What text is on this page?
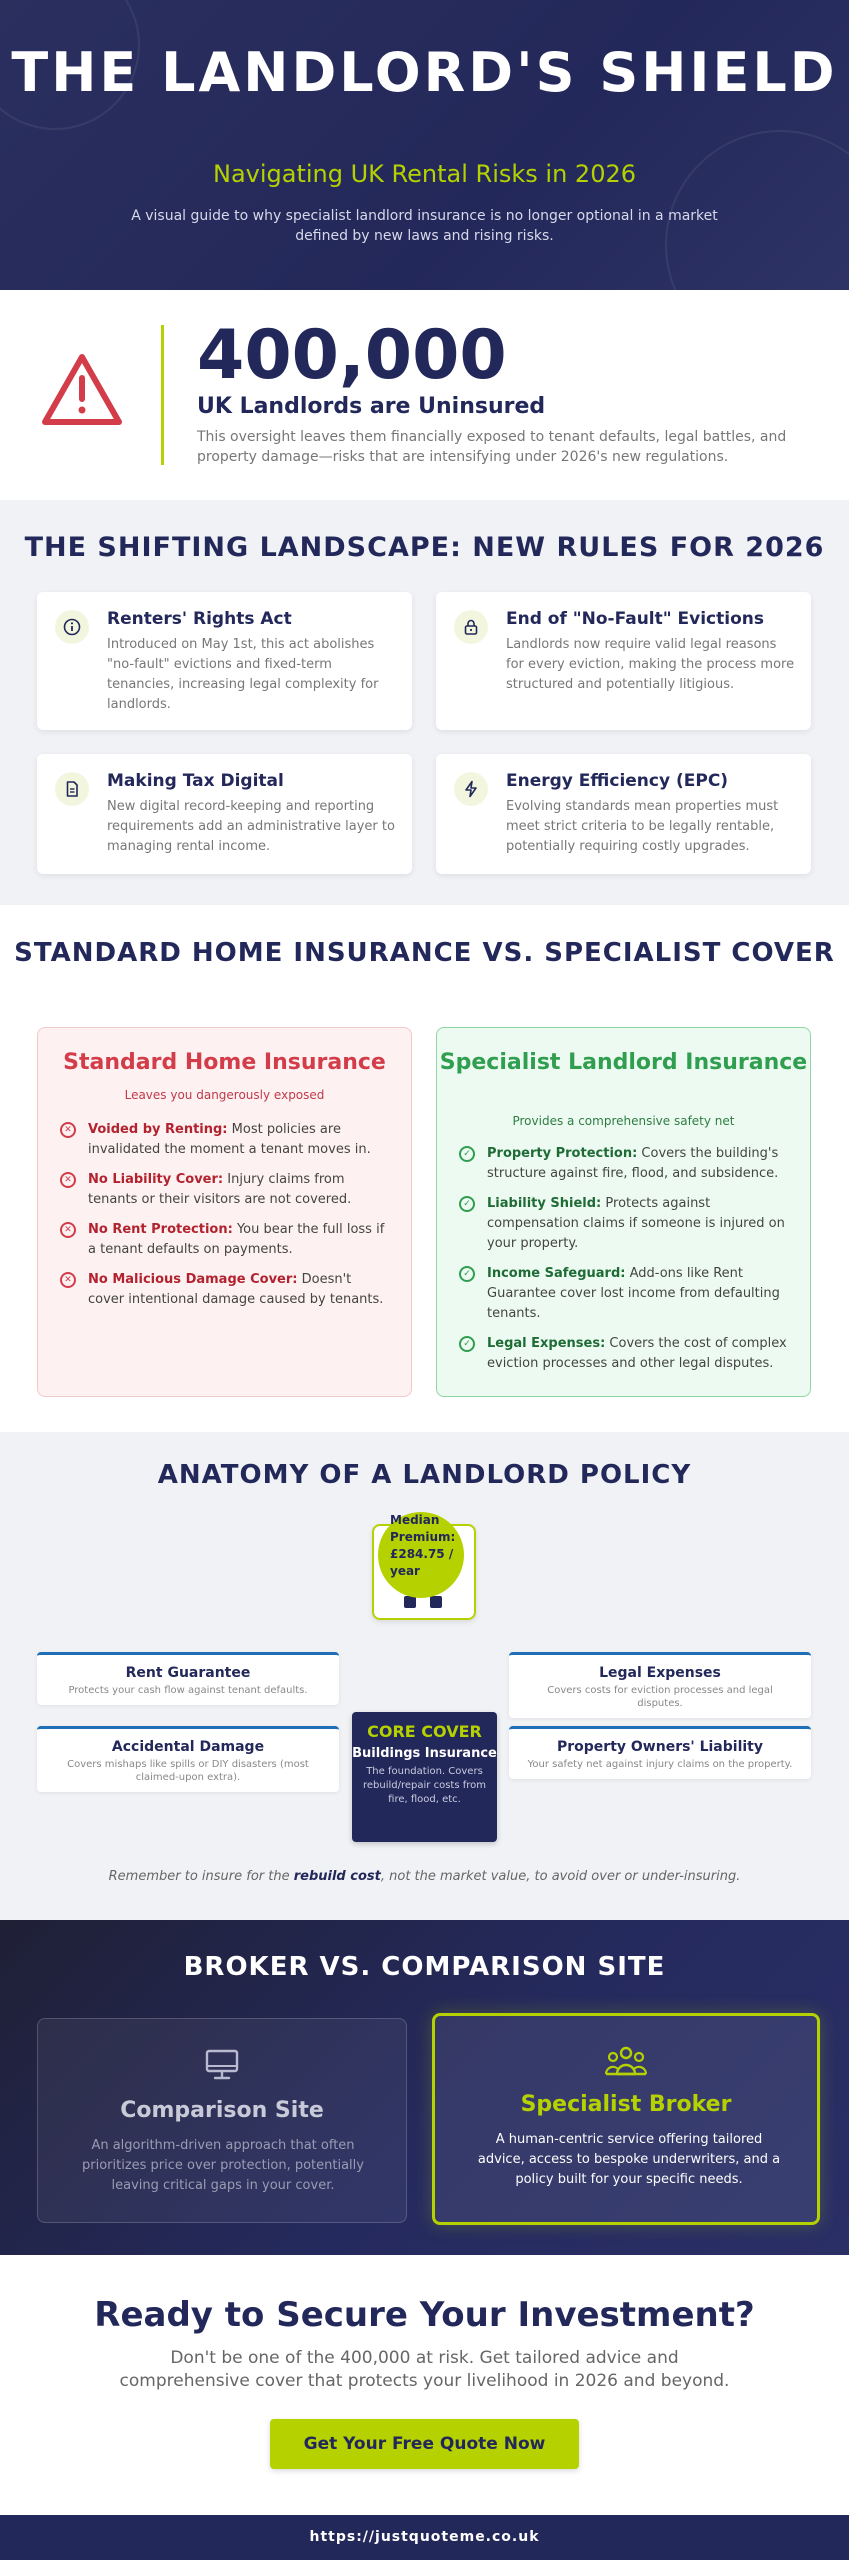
THE LANDLORD'S SHIELD
Navigating UK Rental Risks in 2026
A visual guide to why specialist landlord insurance is no longer optional in a market defined by new laws and rising risks.
400,000
UK Landlords are Uninsured
This oversight leaves them financially exposed to tenant defaults, legal battles, and property damage—risks that are intensifying under 2026's new regulations.
THE SHIFTING LANDSCAPE: NEW RULES FOR 2026
Renters' Rights Act

Introduced on May 1st, this act abolishes "no-fault" evictions and fixed-term tenancies, increasing legal complexity for landlords.

End of "No-Fault" Evictions

Landlords now require valid legal reasons for every eviction, making the process more structured and potentially litigious.

Making Tax Digital

New digital record-keeping and reporting requirements add an administrative layer to managing rental income.

Energy Efficiency (EPC)

Evolving standards mean properties must meet strict criteria to be legally rentable, potentially requiring costly upgrades.

STANDARD HOME INSURANCE VS. SPECIALIST COVER
Standard Home Insurance
Leaves you dangerously exposed
✕	Voided by Renting: Most policies are invalidated the moment a tenant moves in.
✕	No Liability Cover: Injury claims from tenants or their visitors are not covered.
✕	No Rent Protection: You bear the full loss if a tenant defaults on payments.
✕	No Malicious Damage Cover: Doesn't cover intentional damage caused by tenants.
Specialist Landlord Insurance
Provides a comprehensive safety net
✓	Property Protection: Covers the building's structure against fire, flood, and subsidence.
✓	Liability Shield: Protects against compensation claims if someone is injured on your property.
✓	Income Safeguard: Add-ons like Rent Guarantee cover lost income from defaulting tenants.
✓	Legal Expenses: Covers the cost of complex eviction processes and other legal disputes.
ANATOMY OF A LANDLORD POLICY
Median Premium: £284.75 / year
Rent Guarantee

Protects your cash flow against tenant defaults.

Legal Expenses

Covers costs for eviction processes and legal disputes.

Accidental Damage

Covers mishaps like spills or DIY disasters (most claimed-upon extra).

Property Owners' Liability

Your safety net against injury claims on the property.

CORE COVER
Buildings Insurance
The foundation. Covers rebuild/repair costs from fire, flood, etc.
Remember to insure for the rebuild cost, not the market value, to avoid over or under-insuring.
BROKER VS. COMPARISON SITE
Comparison Site

An algorithm-driven approach that often prioritizes price over protection, potentially leaving critical gaps in your cover.

Specialist Broker

A human-centric service offering tailored advice, access to bespoke underwriters, and a policy built for your specific needs.

Ready to Secure Your Investment?
Don't be one of the 400,000 at risk. Get tailored advice and comprehensive cover that protects your livelihood in 2026 and beyond.
Get Your Free Quote Now
https://justquoteme.co.uk
